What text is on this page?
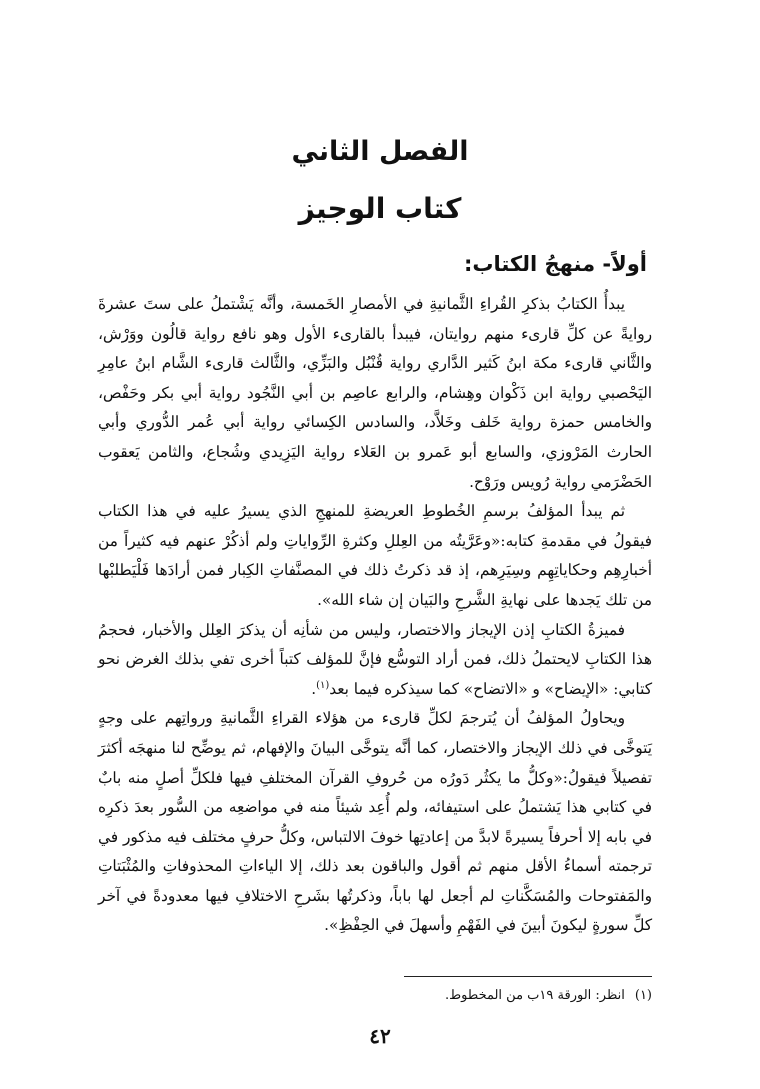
الفصل الثاني
كتاب الوجيز
أولاً- منهجُ الكتاب:

يبدأُ الكتابُ بذكرِ القُراءِ الثَّمانيةِ في الأمصارِ الخَمسة، وأنَّه يَشْتملُ على ستَ عشرةَ روايةً عن كلِّ قارىء منهم روايتان، فيبدأ بالقارىء الأول وهو نافع رواية قالُون ووَرْش، والثَّاني قارىء مكة ابنُ كَثير الدَّاري رواية قُنْبُل والبَزِّي، والثَّالث قارىء الشَّام ابنُ عامِرِ اليَحْصبي رواية ابن ذَكْوان وهِشام، والرابع عاصِم بن أبي النَّجُود رواية أبي بكر وحَفْص، والخامس حمزة رواية خَلف وخَلاَّد، والسادس الكِسائي رواية أبي عُمر الدُّوري وأبي الحارث المَرْوزي، والسابع أبو عَمرو بن العَلاء رواية اليَزِيدي وشُجاع، والثامن يَعقوب الحَضْرَمي رواية رُويس ورَوْح.

ثم يبدأ المؤلفُ برسمِ الخُطوطِ العريضةِ للمنهجِ الذي يسيرُ عليه في هذا الكتاب فيقولُ في مقدمةِ كتابه:«وعَرَّيتُه من العِللِ وكثرةِ الرِّواياتِ ولم أذكُرْ عنهم فيه كثيراً من أخبارِهِم وحكاياتِهِم وسِيَرِهم، إذ قد ذكرتُ ذلك في المصنَّفاتِ الكِبار فمن أرادَها فَلْيَطلبْها من تلك يَجدها على نهايةِ الشَّرحِ والبَيان إن شاء الله».

فميزةُ الكتابِ إذن الإيجاز والاختصار، وليس من شأنِه أن يذكرَ العِلل والأخبار، فحجمُ هذا الكتابِ لايحتملُ ذلك، فمن أراد التوسُّع فإنَّ للمؤلف كتباً أخرى تفي بذلك الغرض نحو كتابي: «الإيضاح» و «الاتضاح» كما سيذكره فيما بعد$^{(١)}$.

ويحاولُ المؤلفُ أن يُترجمَ لكلِّ قارىء من هؤلاء القراءِ الثَّمانيةِ ورواتِهم على وجهٍ يَتوخَّى في ذلك الإيجاز والاختصار، كما أنَّه يتوخَّى البيانَ والإفهام، ثم يوضِّح لنا منهجَه أكثرَ تفصيلاً فيقولُ:«وكلُّ ما يكثُر دَورُه من حُروفِ القرآن المختلفِ فيها فلكلِّ أصلٍ منه بابٌ في كتابي هذا يَشتملُ على استيفائه، ولم أُعِد شيئاً منه في مواضعِه من السُّور بعدَ ذكرِه في بابه إلا أحرفاً يسيرةً لابدَّ من إعادتِها خوفَ الالتباس، وكلُّ حرفٍ مختلف فيه مذكور في ترجمته أسماءُ الأقل منهم ثم أقول والباقون بعد ذلك، إلا الياءاتِ المحذوفاتِ والمُثْبَتاتِ والمَفتوحات والمُسَكَّناتِ لم أجعل لها باباً، وذكرتُها بشَرحِ الاختلافِ فيها معدودةً في آخر كلِّ سورةٍ ليكونَ أبينَ في الفَهْمِ وأسهلَ في الحِفْظِ».

(١)انظر: الورقة ١٩ب من المخطوط.
٤٢
